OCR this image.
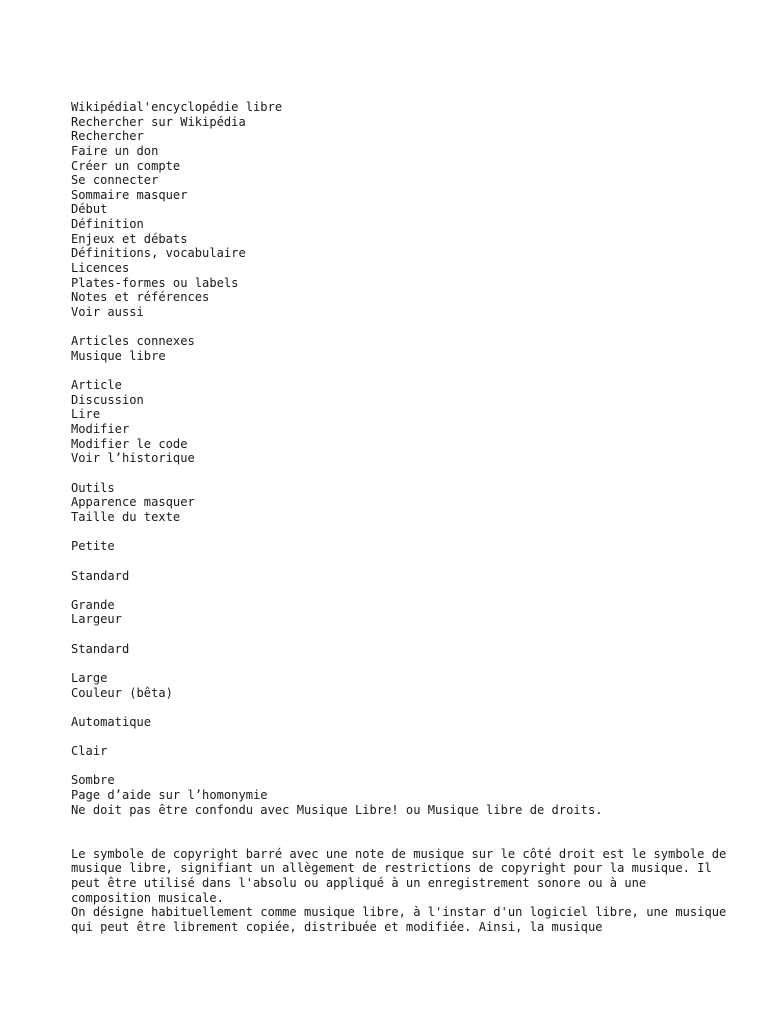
Wikipédial'encyclopédie libre
Rechercher sur Wikipédia
Rechercher
Faire un don
Créer un compte
Se connecter
Sommaire masquer
Début
Définition
Enjeux et débats
Définitions, vocabulaire
Licences
Plates-formes ou labels
Notes et références
Voir aussi
Articles connexes
Musique libre
Article
Discussion
Lire
Modifier
Modifier le code
Voir l’historique
Outils
Apparence masquer
Taille du texte
Petite
Standard
Grande
Largeur
Standard
Large
Couleur (bêta)
Automatique
Clair
Sombre
Page d’aide sur l’homonymie
Ne doit pas être confondu avec Musique Libre! ou Musique libre de droits.
Le symbole de copyright barré avec une note de musique sur le côté droit est le symbole de musique libre, signifiant un allègement de restrictions de copyright pour la musique. Il peut être utilisé dans l'absolu ou appliqué à un enregistrement sonore ou à une composition musicale.
On désigne habituellement comme musique libre, à l'instar d'un logiciel libre, une musique qui peut être librement copiée, distribuée et modifiée. Ainsi, la musique
